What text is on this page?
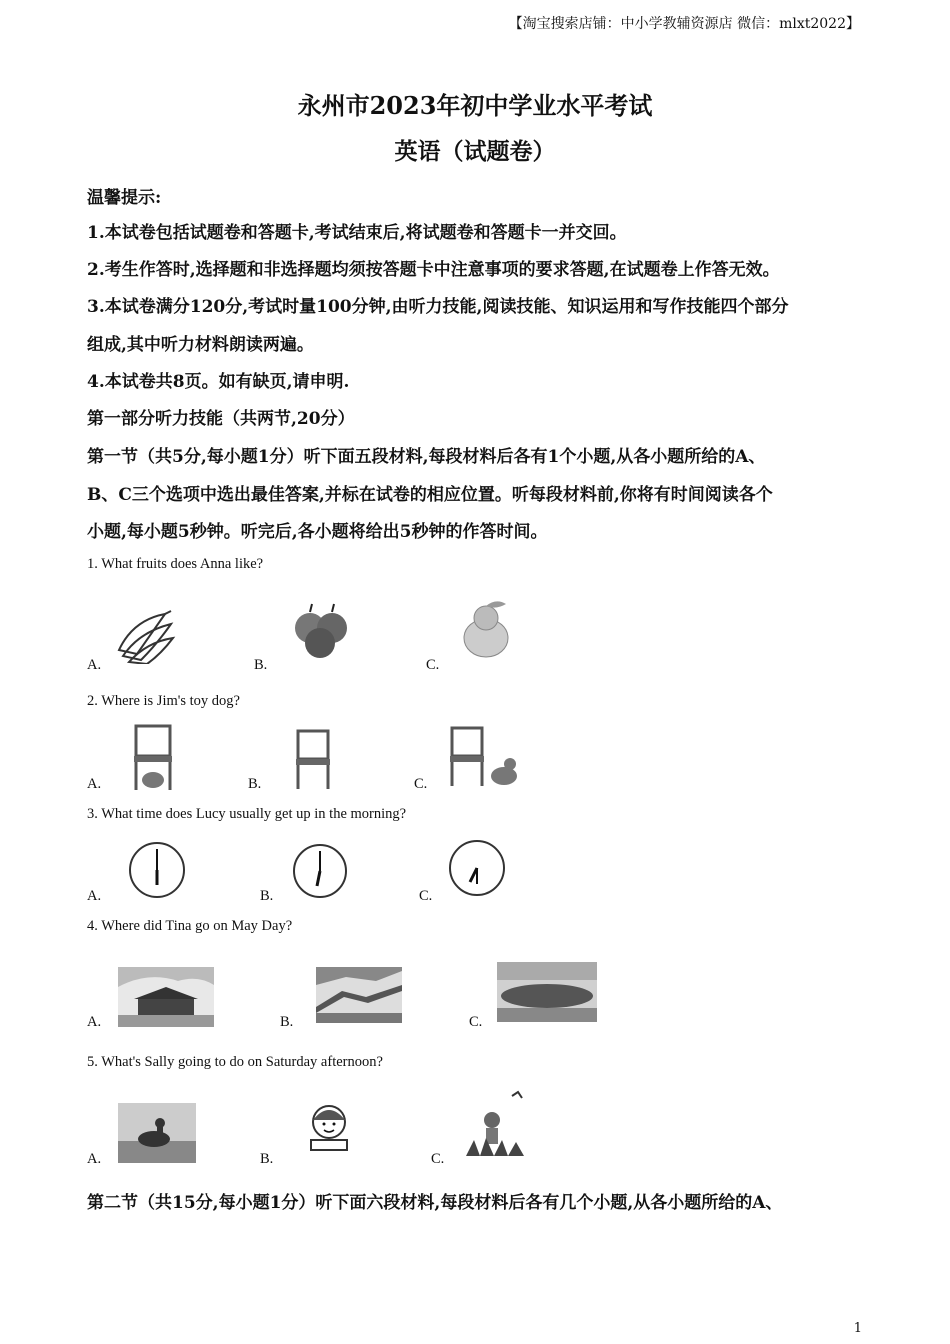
【淘宝搜索店铺：中小学教辅资源店 微信：mlxt2022】
永州市2023年初中学业水平考试
英语（试题卷）
温馨提示:
1.本试卷包括试题卷和答题卡,考试结束后,将试题卷和答题卡一并交回。
2.考生作答时,选择题和非选择题均须按答题卡中注意事项的要求答题,在试题卷上作答无效。
3.本试卷满分120分,考试时量100分钟,由听力技能,阅读技能、知识运用和写作技能四个部分
组成,其中听力材料朗读两遍。
4.本试卷共8页。如有缺页,请申明.
第一部分听力技能（共两节,20分）
第一节（共5分,每小题1分）听下面五段材料,每段材料后各有1个小题,从各小题所给的A、
B、C三个选项中选出最佳答案,并标在试卷的相应位置。听每段材料前,你将有时间阅读各个
小题,每小题5秒钟。听完后,各小题将给出5秒钟的作答时间。
1. What fruits does Anna like?
A.	B.	C.
2. Where is Jim's toy dog?
A.	B.	C.
3. What time does Lucy usually get up in the morning?
A.	B.	C.
4. Where did Tina go on May Day?
A.	B.	C.
5. What's Sally going to do on Saturday afternoon?
A.	B.	C.
第二节（共15分,每小题1分）听下面六段材料,每段材料后各有几个小题,从各小题所给的A、
1
